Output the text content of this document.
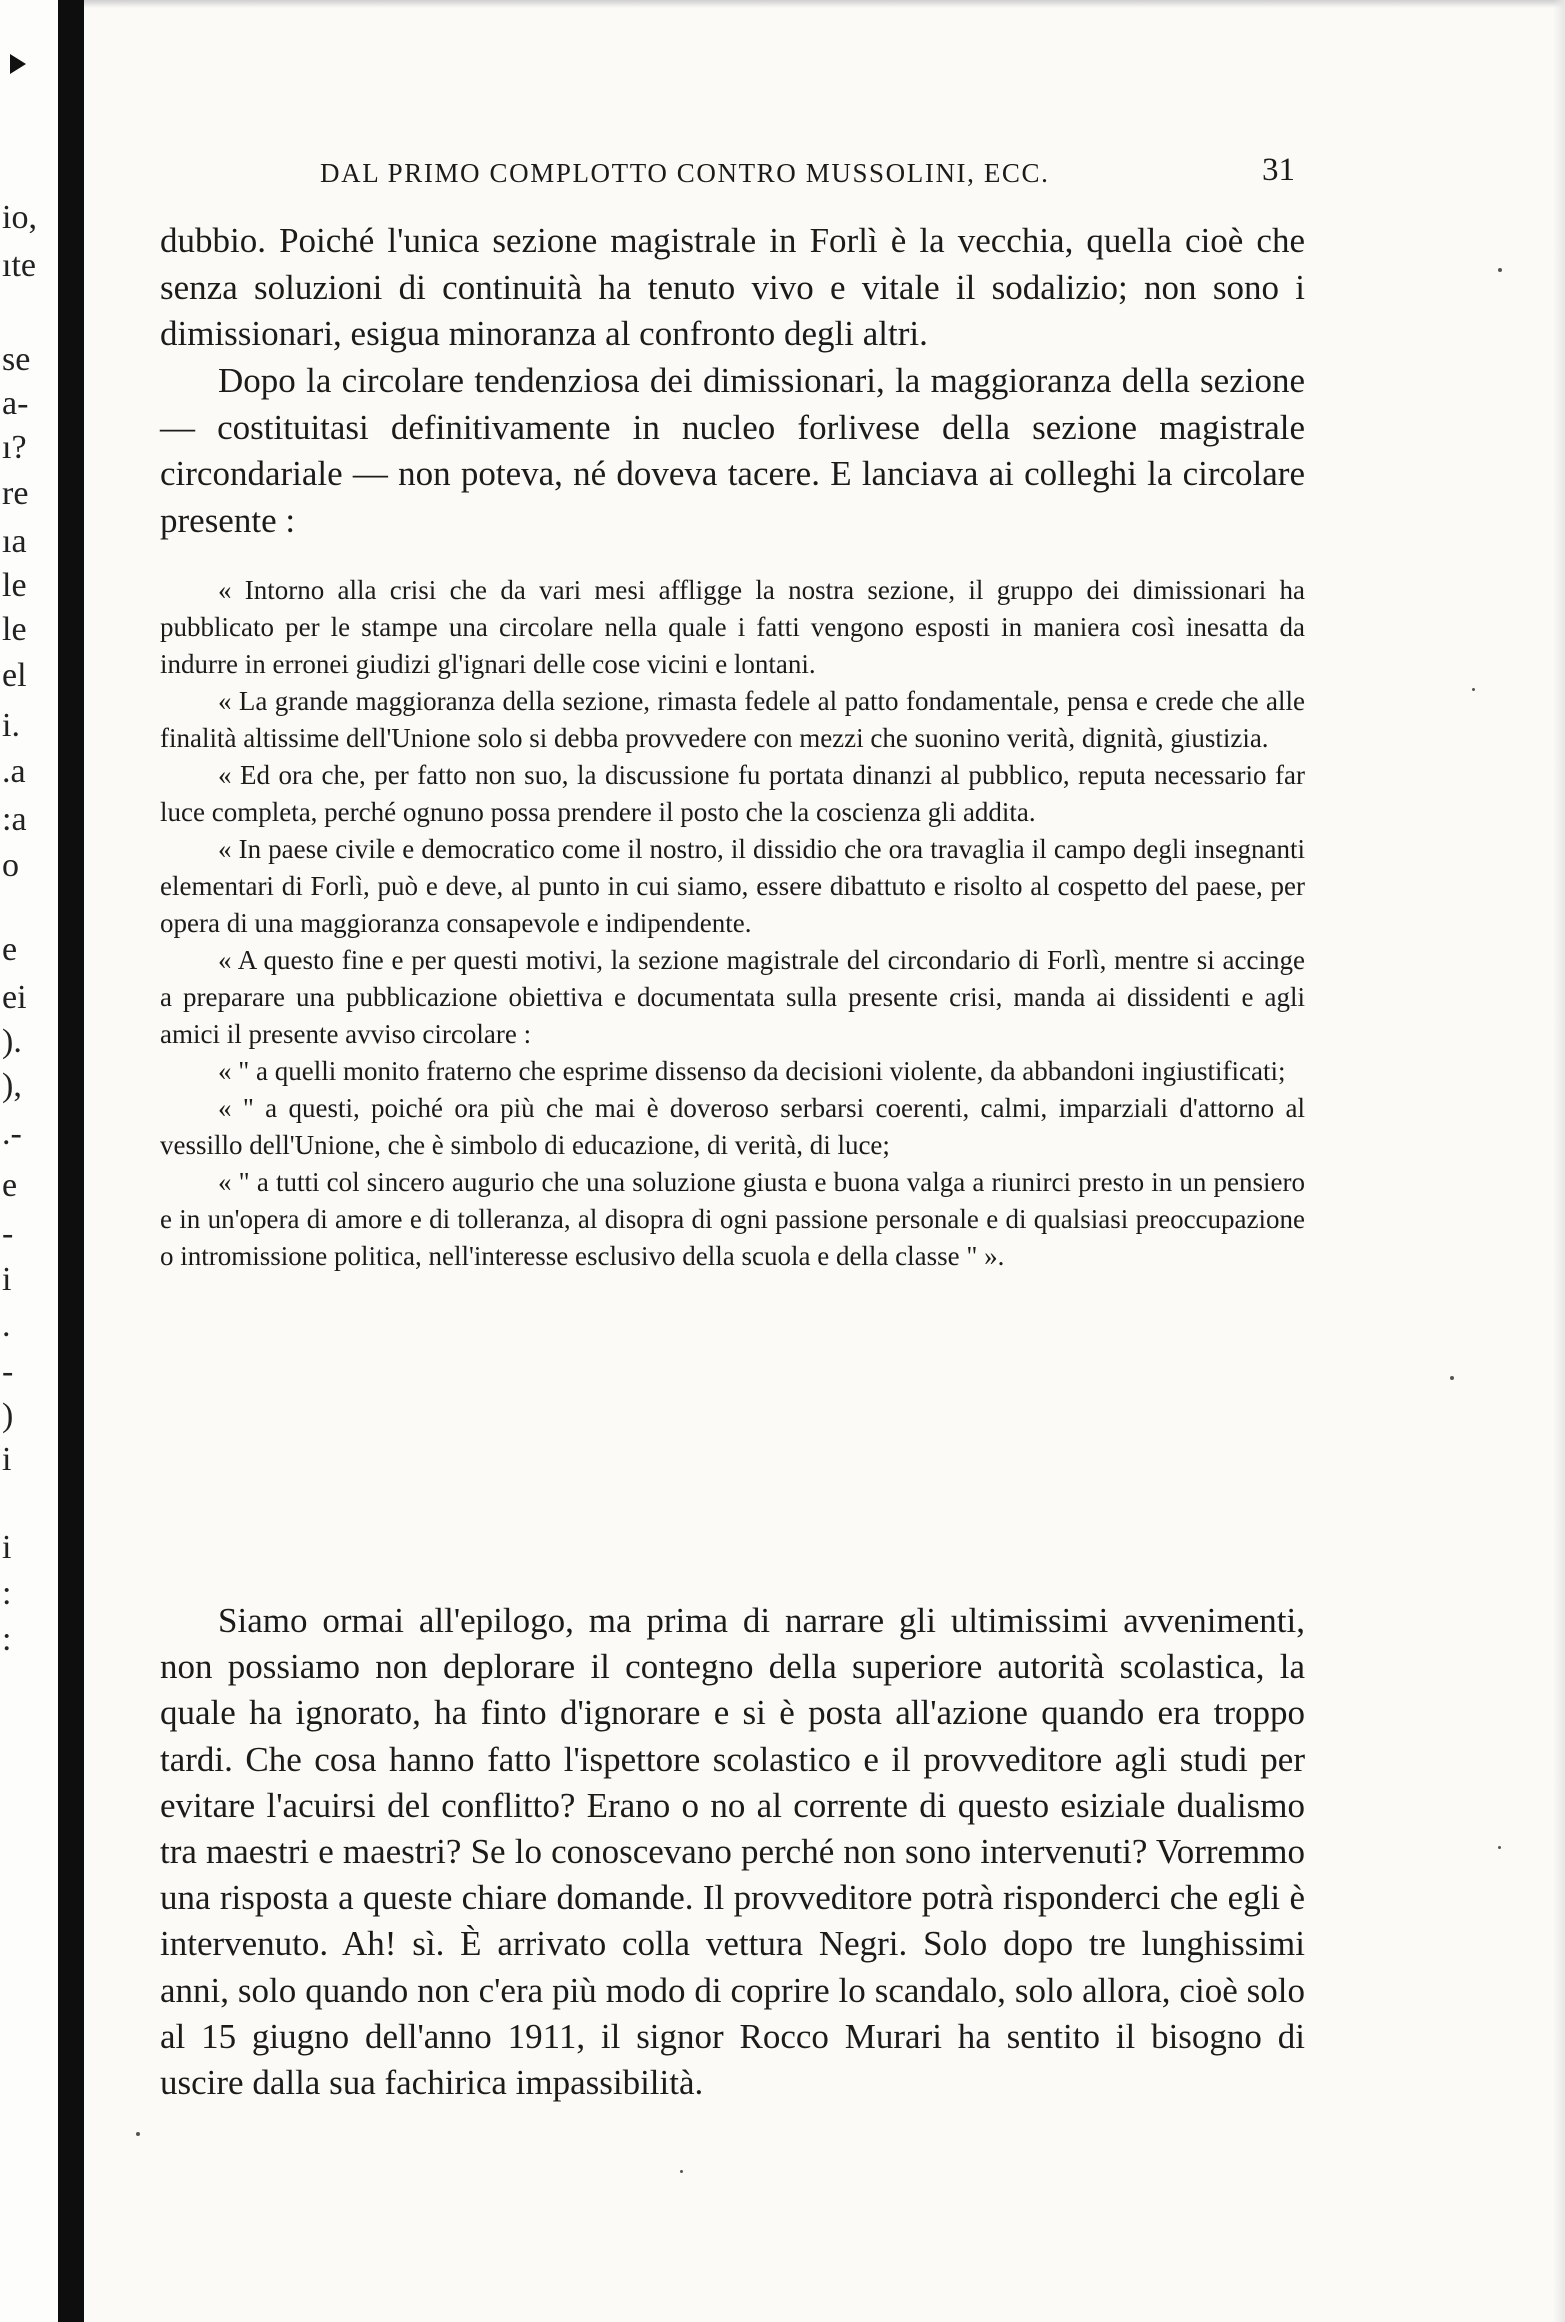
io,
ıte
se
a-
ı?
re
ıa
le
le
el
i.
.a
:a
o
e
ei
).
),
.-
e
-
i
.
-
)
i
i
:
:
DAL PRIMO COMPLOTTO CONTRO MUSSOLINI, ECC.	31

dubbio. Poiché l'unica sezione magistrale in Forlì è la vecchia, quella cioè che senza soluzioni di continuità ha tenuto vivo e vitale il sodalizio; non sono i dimissionari, esigua minoranza al confronto degli altri.

Dopo la circolare tendenziosa dei dimissionari, la maggioranza della sezione — costituitasi definitivamente in nucleo forlivese della sezione magistrale circondariale — non poteva, né doveva tacere. E lanciava ai colleghi la circolare presente :

« Intorno alla crisi che da vari mesi affligge la nostra sezione, il gruppo dei dimissionari ha pubblicato per le stampe una circolare nella quale i fatti vengono esposti in maniera così inesatta da indurre in erronei giudizi gl'ignari delle cose vicini e lontani.

« La grande maggioranza della sezione, rimasta fedele al patto fondamentale, pensa e crede che alle finalità altissime dell'Unione solo si debba provvedere con mezzi che suonino verità, dignità, giustizia.

« Ed ora che, per fatto non suo, la discussione fu portata dinanzi al pubblico, reputa necessario far luce completa, perché ognuno possa prendere il posto che la coscienza gli addita.

« In paese civile e democratico come il nostro, il dissidio che ora travaglia il campo degli insegnanti elementari di Forlì, può e deve, al punto in cui siamo, essere dibattuto e risolto al cospetto del paese, per opera di una maggioranza consapevole e indipendente.

« A questo fine e per questi motivi, la sezione magistrale del circondario di Forlì, mentre si accinge a preparare una pubblicazione obiettiva e documentata sulla presente crisi, manda ai dissidenti e agli amici il presente avviso circolare :

« " a quelli monito fraterno che esprime dissenso da decisioni violente, da abbandoni ingiustificati;

« " a questi, poiché ora più che mai è doveroso serbarsi coerenti, calmi, imparziali d'attorno al vessillo dell'Unione, che è simbolo di educazione, di verità, di luce;

« " a tutti col sincero augurio che una soluzione giusta e buona valga a riunirci presto in un pensiero e in un'opera di amore e di tolleranza, al disopra di ogni passione personale e di qualsiasi preoccupazione o intromissione politica, nell'interesse esclusivo della scuola e della classe " ».

Siamo ormai all'epilogo, ma prima di narrare gli ultimissimi avvenimenti, non possiamo non deplorare il contegno della superiore autorità scolastica, la quale ha ignorato, ha finto d'ignorare e si è posta all'azione quando era troppo tardi. Che cosa hanno fatto l'ispettore scolastico e il provveditore agli studi per evitare l'acuirsi del conflitto? Erano o no al corrente di questo esiziale dualismo tra maestri e maestri? Se lo conoscevano perché non sono intervenuti? Vorremmo una risposta a queste chiare domande. Il provveditore potrà risponderci che egli è intervenuto. Ah! sì. È arrivato colla vettura Negri. Solo dopo tre lunghissimi anni, solo quando non c'era più modo di coprire lo scandalo, solo allora, cioè solo al 15 giugno dell'anno 1911, il signor Rocco Murari ha sentito il bisogno di uscire dalla sua fachirica impassibilità.
